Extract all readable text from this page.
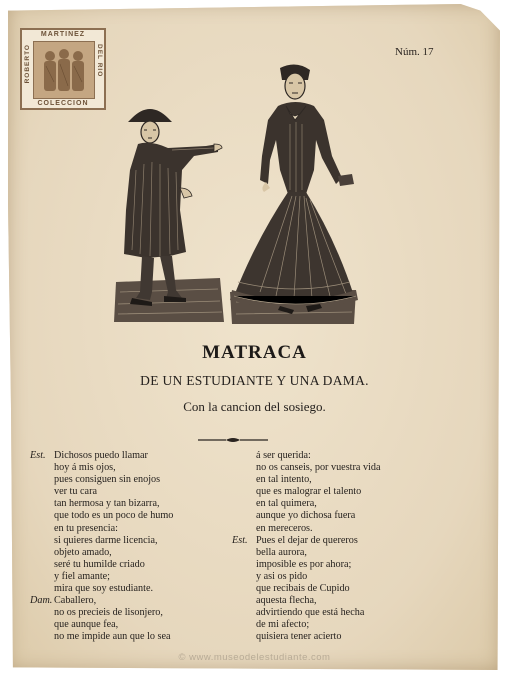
MARTINEZ
COLECCION
ROBERTO	DEL RIO	Núm. 17
MATRACA
DE UN ESTUDIANTE Y UNA DAMA.
Con la cancion del sosiego.
Est. Dichosos puedo llamar
hoy á mis ojos,
pues consiguen sin enojos
ver tu cara
tan hermosa y tan bizarra,
que todo es un poco de humo
en tu presencia:
si quieres darme licencia,
objeto amado,
seré tu humilde criado
y fiel amante;
mira que soy estudiante.
Dam. Caballero,
no os precieis de lisonjero,
que aunque fea,
no me impide aun que lo sea
á ser querida:
no os canseis, por vuestra vida
en tal intento,
que es malograr el talento
en tal quimera,
aunque yo dichosa fuera
en mereceros.
Est. Pues el dejar de quereros
bella aurora,
imposible es por ahora;
y asi os pido
que recibais de Cupido
aquesta flecha,
advirtiendo que está hecha
de mi afecto;
quisiera tener acierto
© www.museodelestudiante.com
